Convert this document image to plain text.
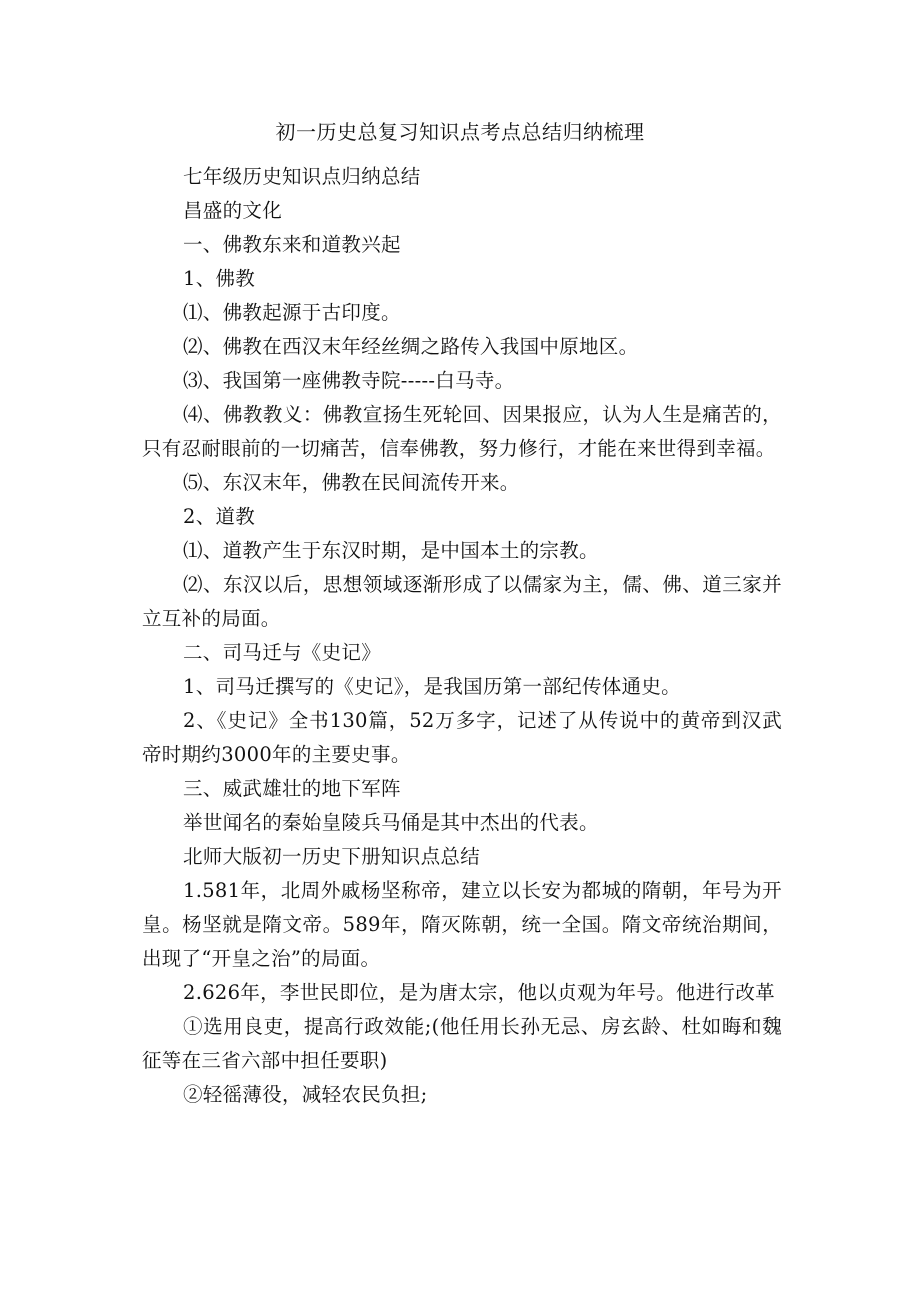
初一历史总复习知识点考点总结归纳梳理

七年级历史知识点归纳总结

昌盛的文化

一、佛教东来和道教兴起

1、佛教

⑴、佛教起源于古印度。

⑵、佛教在西汉末年经丝绸之路传入我国中原地区。

⑶、我国第一座佛教寺院-----白马寺。

⑷、佛教教义：佛教宣扬生死轮回、因果报应，认为人生是痛苦的，只有忍耐眼前的一切痛苦，信奉佛教，努力修行，才能在来世得到幸福。

⑸、东汉末年，佛教在民间流传开来。

2、道教

⑴、道教产生于东汉时期，是中国本土的宗教。

⑵、东汉以后，思想领域逐渐形成了以儒家为主，儒、佛、道三家并立互补的局面。

二、司马迁与《史记》

1、司马迁撰写的《史记》，是我国历第一部纪传体通史。

2、《史记》全书130篇，52万多字，记述了从传说中的黄帝到汉武帝时期约3000年的主要史事。

三、威武雄壮的地下军阵

举世闻名的秦始皇陵兵马俑是其中杰出的代表。

北师大版初一历史下册知识点总结

1.581年，北周外戚杨坚称帝，建立以长安为都城的隋朝，年号为开皇。杨坚就是隋文帝。589年，隋灭陈朝，统一全国。隋文帝统治期间，出现了“开皇之治”的局面。

2.626年，李世民即位，是为唐太宗，他以贞观为年号。他进行改革

①选用良吏，提高行政效能;(他任用长孙无忌、房玄龄、杜如晦和魏征等在三省六部中担任要职)

②轻徭薄役，减轻农民负担;
